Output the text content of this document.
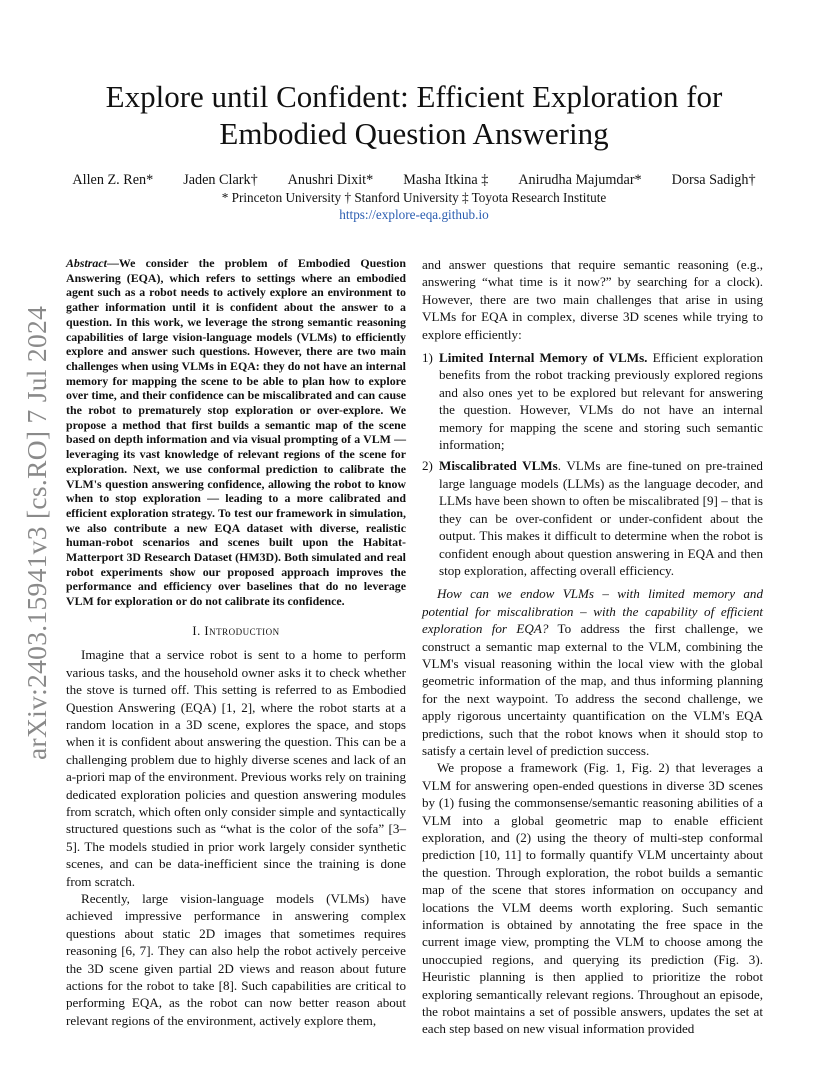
Explore until Confident: Efficient Exploration for
Embodied Question Answering
Allen Z. Ren*	Jaden Clark†	Anushri Dixit*	Masha Itkina ‡	Anirudha Majumdar*	Dorsa Sadigh†
* Princeton University † Stanford University ‡ Toyota Research Institute
https://explore-eqa.github.io
arXiv:2403.15941v3 [cs.RO] 7 Jul 2024

Abstract—We consider the problem of Embodied Question Answering (EQA), which refers to settings where an embodied agent such as a robot needs to actively explore an environment to gather information until it is confident about the answer to a question. In this work, we leverage the strong semantic reasoning capabilities of large vision-language models (VLMs) to efficiently explore and answer such questions. However, there are two main challenges when using VLMs in EQA: they do not have an internal memory for mapping the scene to be able to plan how to explore over time, and their confidence can be miscalibrated and can cause the robot to prematurely stop exploration or over-explore. We propose a method that first builds a semantic map of the scene based on depth information and via visual prompting of a VLM — leveraging its vast knowledge of relevant regions of the scene for exploration. Next, we use conformal prediction to calibrate the VLM's question answering confidence, allowing the robot to know when to stop exploration — leading to a more calibrated and efficient exploration strategy. To test our framework in simulation, we also contribute a new EQA dataset with diverse, realistic human-robot scenarios and scenes built upon the Habitat-Matterport 3D Research Dataset (HM3D). Both simulated and real robot experiments show our proposed approach improves the performance and efficiency over baselines that do no leverage VLM for exploration or do not calibrate its confidence.

I. Introduction

Imagine that a service robot is sent to a home to perform various tasks, and the household owner asks it to check whether the stove is turned off. This setting is referred to as Embodied Question Answering (EQA) [1, 2], where the robot starts at a random location in a 3D scene, explores the space, and stops when it is confident about answering the question. This can be a challenging problem due to highly diverse scenes and lack of an a-priori map of the environment. Previous works rely on training dedicated exploration policies and question answering modules from scratch, which often only consider simple and syntactically structured questions such as “what is the color of the sofa” [3–5]. The models studied in prior work largely consider synthetic scenes, and can be data-inefficient since the training is done from scratch.

Recently, large vision-language models (VLMs) have achieved impressive performance in answering complex questions about static 2D images that sometimes requires reasoning [6, 7]. They can also help the robot actively perceive the 3D scene given partial 2D views and reason about future actions for the robot to take [8]. Such capabilities are critical to performing EQA, as the robot can now better reason about relevant regions of the environment, actively explore them,

and answer questions that require semantic reasoning (e.g., answering “what time is it now?” by searching for a clock). However, there are two main challenges that arise in using VLMs for EQA in complex, diverse 3D scenes while trying to explore efficiently:

1) Limited Internal Memory of VLMs. Efficient exploration benefits from the robot tracking previously explored regions and also ones yet to be explored but relevant for answering the question. However, VLMs do not have an internal memory for mapping the scene and storing such semantic information;
2) Miscalibrated VLMs. VLMs are fine-tuned on pre-trained large language models (LLMs) as the language decoder, and LLMs have been shown to often be miscalibrated [9] – that is they can be over-confident or under-confident about the output. This makes it difficult to determine when the robot is confident enough about question answering in EQA and then stop exploration, affecting overall efficiency.

How can we endow VLMs – with limited memory and potential for miscalibration – with the capability of efficient exploration for EQA? To address the first challenge, we construct a semantic map external to the VLM, combining the VLM's visual reasoning within the local view with the global geometric information of the map, and thus informing planning for the next waypoint. To address the second challenge, we apply rigorous uncertainty quantification on the VLM's EQA predictions, such that the robot knows when it should stop to satisfy a certain level of prediction success.

We propose a framework (Fig. 1, Fig. 2) that leverages a VLM for answering open-ended questions in diverse 3D scenes by (1) fusing the commonsense/semantic reasoning abilities of a VLM into a global geometric map to enable efficient exploration, and (2) using the theory of multi-step conformal prediction [10, 11] to formally quantify VLM uncertainty about the question. Through exploration, the robot builds a semantic map of the scene that stores information on occupancy and locations the VLM deems worth exploring. Such semantic information is obtained by annotating the free space in the current image view, prompting the VLM to choose among the unoccupied regions, and querying its prediction (Fig. 3). Heuristic planning is then applied to prioritize the robot exploring semantically relevant regions. Throughout an episode, the robot maintains a set of possible answers, updates the set at each step based on new visual information provided
